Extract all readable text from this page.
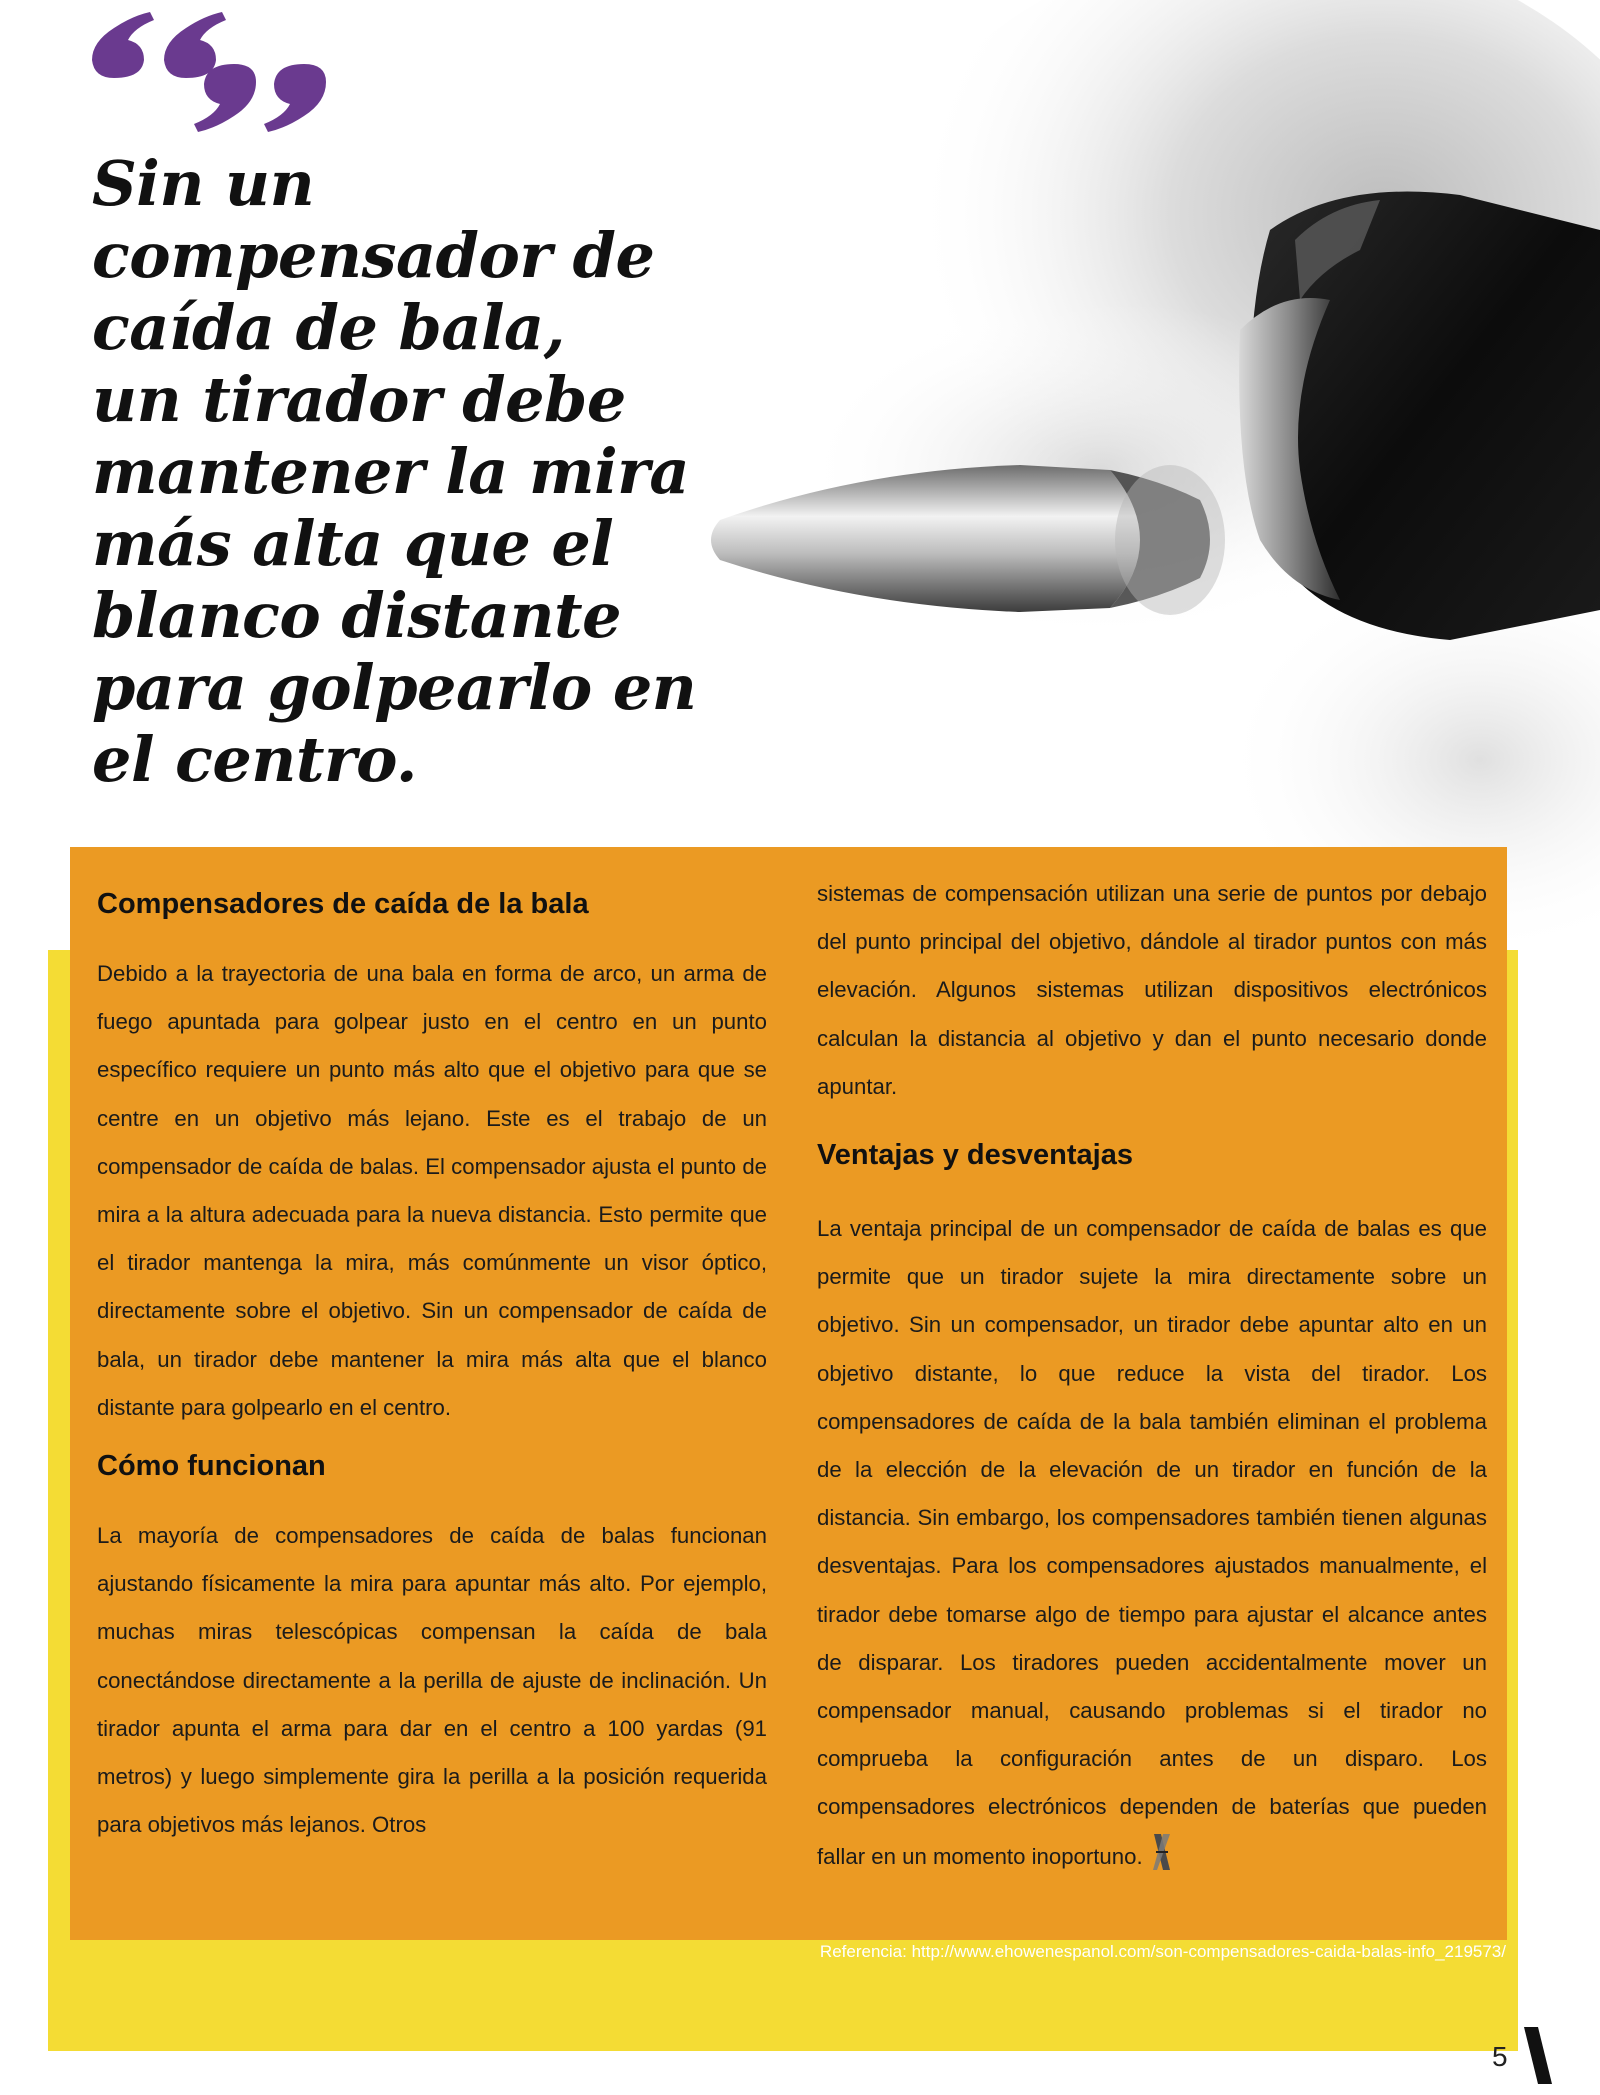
Sin un
compensador de
caída de bala,
un tirador debe
mantener la mira
más alta que el
blanco distante
para golpearlo en
el centro.
Compensadores de caída de la bala

Debido a la trayectoria de una bala en forma de arco, un arma de fuego apuntada para golpear justo en el centro en un punto específico requiere un punto más alto que el objetivo para que se centre en un objetivo más lejano. Este es el trabajo de un compensador de caída de balas. El compensador ajusta el punto de mira a la altura adecuada para la nueva distancia. Esto permite que el tirador mantenga la mira, más comúnmente un visor óptico, directamente sobre el objetivo. Sin un compensador de caída de bala, un tirador debe mantener la mira más alta que el blanco distante para golpearlo en el centro.

Cómo funcionan

La mayoría de compensadores de caída de balas funcionan ajustando físicamente la mira para apuntar más alto. Por ejemplo, muchas miras telescópicas compensan la caída de bala conectándose directamente a la perilla de ajuste de inclinación. Un tirador apunta el arma para dar en el centro a 100 yardas (91 metros) y luego simplemente gira la perilla a la posición requerida para objetivos más lejanos. Otros

sistemas de compensación utilizan una serie de puntos por debajo del punto principal del objetivo, dándole al tirador puntos con más elevación. Algunos sistemas utilizan dispositivos electrónicos calculan la distancia al objetivo y dan el punto necesario donde apuntar.

Ventajas y desventajas

La ventaja principal de un compensador de caída de balas es que permite que un tirador sujete la mira directamente sobre un objetivo. Sin un compensador, un tirador debe apuntar alto en un objetivo distante, lo que reduce la vista del tirador. Los compensadores de caída de la bala también eliminan el problema de la elección de la elevación de un tirador en función de la distancia. Sin embargo, los compensadores también tienen algunas desventajas. Para los compensadores ajustados manualmente, el tirador debe tomarse algo de tiempo para ajustar el alcance antes de disparar. Los tiradores pueden accidentalmente mover un compensador manual, causando problemas si el tirador no comprueba la configuración antes de un disparo. Los compensadores electrónicos dependen de baterías que pueden fallar en un momento inoportuno.

Referencia: http://www.ehowenespanol.com/son-compensadores-caida-balas-info_219573/
5
